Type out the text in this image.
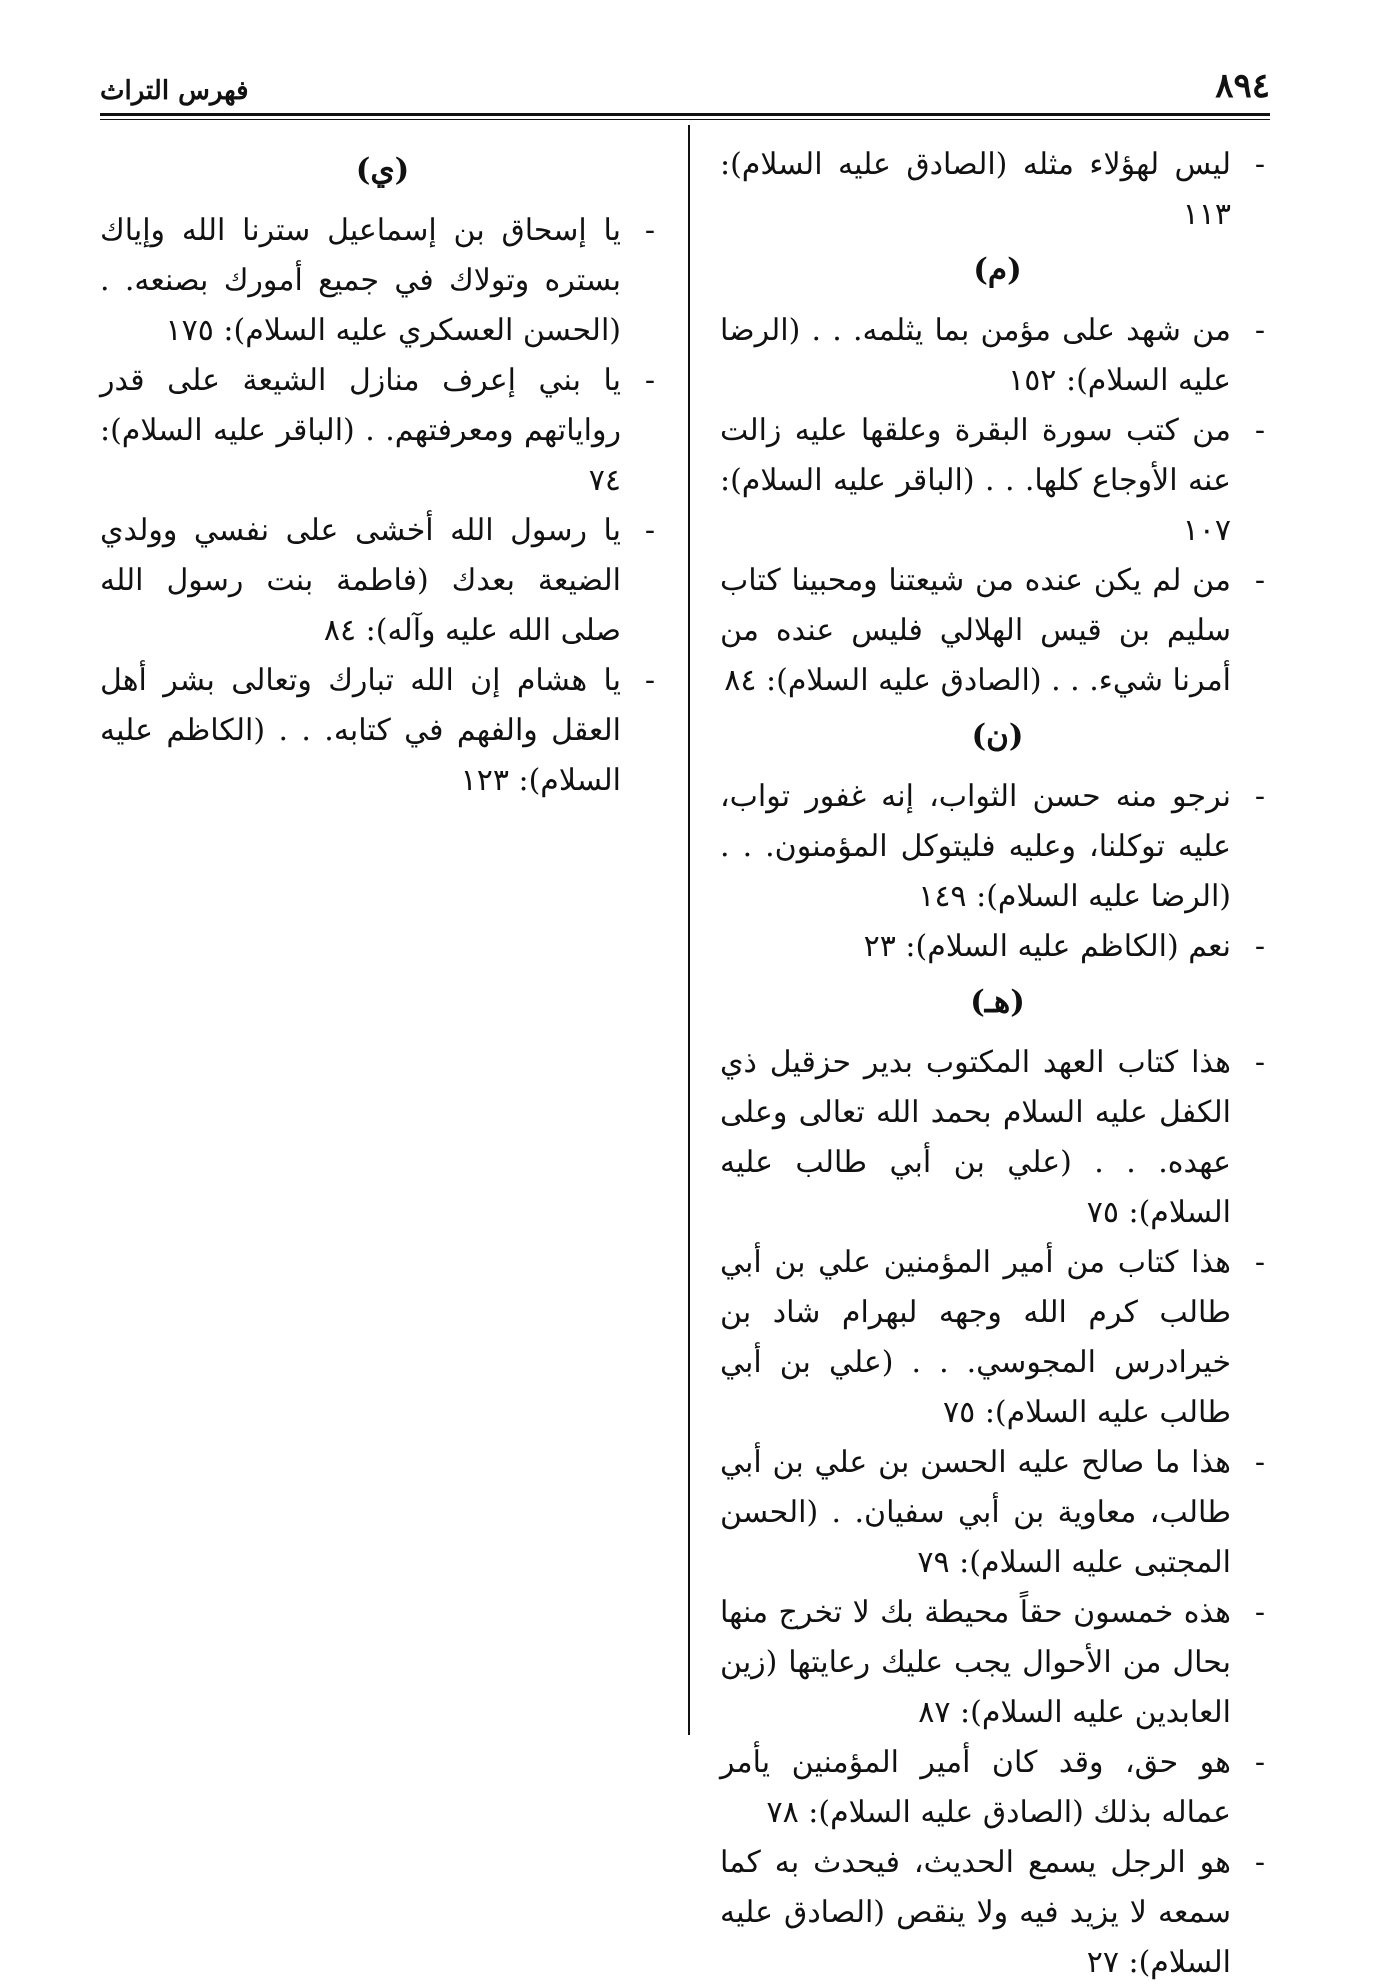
٨٩٤
فهرس التراث
-
ليس لهؤلاء مثله (الصادق عليه السلام): ١١٣
(م)
-
من شهد على مؤمن بما يثلمه. . . (الرضا عليه السلام): ١٥٢
-
من كتب سورة البقرة وعلقها عليه زالت عنه الأوجاع كلها. . . (الباقر عليه السلام): ١٠٧
-
من لم يكن عنده من شيعتنا ومحبينا كتاب سليم بن قيس الهلالي فليس عنده من أمرنا شيء. . . (الصادق عليه السلام): ٨٤
(ن)
-
نرجو منه حسن الثواب، إنه غفور تواب، عليه توكلنا، وعليه فليتوكل المؤمنون. . . (الرضا عليه السلام): ١٤٩
-
نعم (الكاظم عليه السلام): ٢٣
(هـ)
-
هذا كتاب العهد المكتوب بدير حزقيل ذي الكفل عليه السلام بحمد الله تعالى وعلى عهده. . . (علي بن أبي طالب عليه السلام): ٧٥
-
هذا كتاب من أمير المؤمنين علي بن أبي طالب كرم الله وجهه لبهرام شاد بن خيرادرس المجوسي. . . (علي بن أبي طالب عليه السلام): ٧٥
-
هذا ما صالح عليه الحسن بن علي بن أبي طالب، معاوية بن أبي سفيان. . (الحسن المجتبى عليه السلام): ٧٩
-
هذه خمسون حقاً محيطة بك لا تخرج منها بحال من الأحوال يجب عليك رعايتها (زين العابدين عليه السلام): ٨٧
-
هو حق، وقد كان أمير المؤمنين يأمر عماله بذلك (الصادق عليه السلام): ٧٨
-
هو الرجل يسمع الحديث، فيحدث به كما سمعه لا يزيد فيه ولا ينقص (الصادق عليه السلام): ٢٧
(ي)
-
يا إسحاق بن إسماعيل سترنا الله وإياك بستره وتولاك في جميع أمورك بصنعه. . (الحسن العسكري عليه السلام): ١٧٥
-
يا بني إعرف منازل الشيعة على قدر رواياتهم ومعرفتهم. . (الباقر عليه السلام): ٧٤
-
يا رسول الله أخشى على نفسي وولدي الضيعة بعدك (فاطمة بنت رسول الله صلى الله عليه وآله): ٨٤
-
يا هشام إن الله تبارك وتعالى بشر أهل العقل والفهم في كتابه. . . (الكاظم عليه السلام): ١٢٣
